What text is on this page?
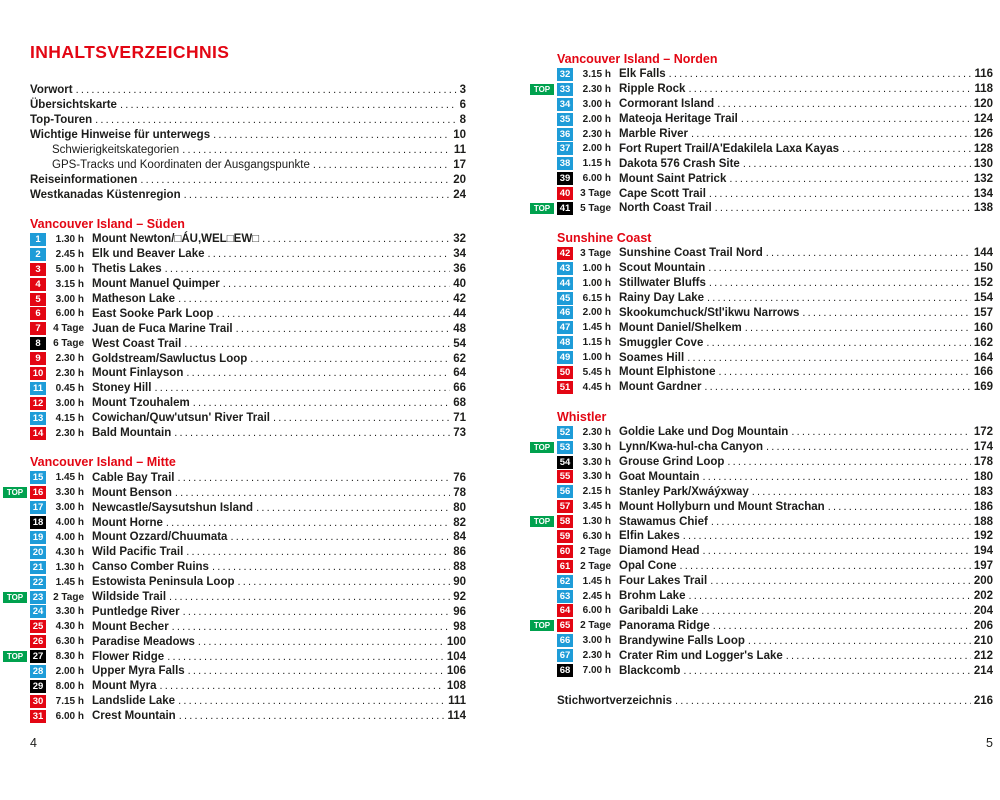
INHALTSVERZEICHNIS
Vorwort .....	3
Übersichtskarte .....	6
Top-Touren .....	8
Wichtige Hinweise für unterwegs .....	10
Schwierigkeitskategorien .....	11
GPS-Tracks und Koordinaten der Ausgangspunkte .....	17
Reiseinformationen .....	20
Westkanadas Küstenregion .....	24
Vancouver Island – Süden
1	1.30 h Mount Newton/□ÁU,WEL□EW□ .....	32
2	2.45 h Elk und Beaver Lake .....	34
3	5.00 h Thetis Lakes .....	36
4	3.15 h Mount Manuel Quimper .....	40
5	3.00 h Matheson Lake .....	42
6	6.00 h East Sooke Park Loop .....	44
7	4 Tage Juan de Fuca Marine Trail .....	48
8	6 Tage West Coast Trail .....	54
9	2.30 h Goldstream/Sawluctus Loop .....	62
10	2.30 h Mount Finlayson .....	64
11	0.45 h Stoney Hill .....	66
12	3.00 h Mount Tzouhalem .....	68
13	4.15 h Cowichan/Quw'utsun' River Trail .....	71
14	2.30 h Bald Mountain .....	73
Vancouver Island – Mitte
15	1.45 h Cable Bay Trail .....	76
TOP	16	3.30 h Mount Benson .....	78
17	3.00 h Newcastle/Saysutshun Island .....	80
18	4.00 h Mount Horne .....	82
19	4.00 h Mount Ozzard/Chuumata .....	84
20	4.30 h Wild Pacific Trail .....	86
21	1.30 h Canso Comber Ruins .....	88
22	1.45 h Estowista Peninsula Loop .....	90
TOP	23 2 Tage Wildside Trail .....	92
24	3.30 h Puntledge River .....	96
25	4.30 h Mount Becher .....	98
26	6.30 h Paradise Meadows .....	100
TOP	27	8.30 h Flower Ridge .....	104
28	2.00 h Upper Myra Falls .....	106
29	8.00 h Mount Myra .....	108
30	7.15 h Landslide Lake .....	111
31	6.00 h Crest Mountain .....	114
Vancouver Island – Norden
32	3.15 h Elk Falls .....	116
TOP	33	2.30 h Ripple Rock .....	118
34	3.00 h Cormorant Island .....	120
35	2.00 h Mateoja Heritage Trail .....	124
36	2.30 h Marble River .....	126
37	2.00 h Fort Rupert Trail/A'Edakilela Laxa Kayas .....	128
38	1.15 h Dakota 576 Crash Site .....	130
39	6.00 h Mount Saint Patrick .....	132
40 3 Tage Cape Scott Trail .....	134
TOP	41 5 Tage North Coast Trail .....	138
Sunshine Coast
42 3 Tage Sunshine Coast Trail Nord .....	144
43	1.00 h Scout Mountain .....	150
44	1.00 h Stillwater Bluffs .....	152
45	6.15 h Rainy Day Lake .....	154
46	2.00 h Skookumchuck/Stl'ikwu Narrows .....	157
47	1.45 h Mount Daniel/Shelkem .....	160
48	1.15 h Smuggler Cove .....	162
49	1.00 h Soames Hill .....	164
50	5.45 h Mount Elphistone .....	166
51	4.45 h Mount Gardner .....	169
Whistler
52	2.30 h Goldie Lake und Dog Mountain .....	172
TOP	53	3.30 h Lynn/Kwa-hul-cha Canyon .....	174
54	3.30 h Grouse Grind Loop .....	178
55	3.30 h Goat Mountain .....	180
56	2.15 h Stanley Park/Xwáýxway .....	183
57	3.45 h Mount Hollyburn und Mount Strachan .....	186
TOP	58	1.30 h Stawamus Chief .....	188
59	6.30 h Elfin Lakes .....	192
60 2 Tage Diamond Head .....	194
61 2 Tage Opal Cone .....	197
62	1.45 h Four Lakes Trail .....	200
63	2.45 h Brohm Lake .....	202
64	6.00 h Garibaldi Lake .....	204
TOP	65 2 Tage Panorama Ridge .....	206
66	3.00 h Brandywine Falls Loop .....	210
67	2.30 h Crater Rim und Logger's Lake .....	212
68	7.00 h Blackcomb .....	214
Stichwortverzeichnis .....	216
4	5
